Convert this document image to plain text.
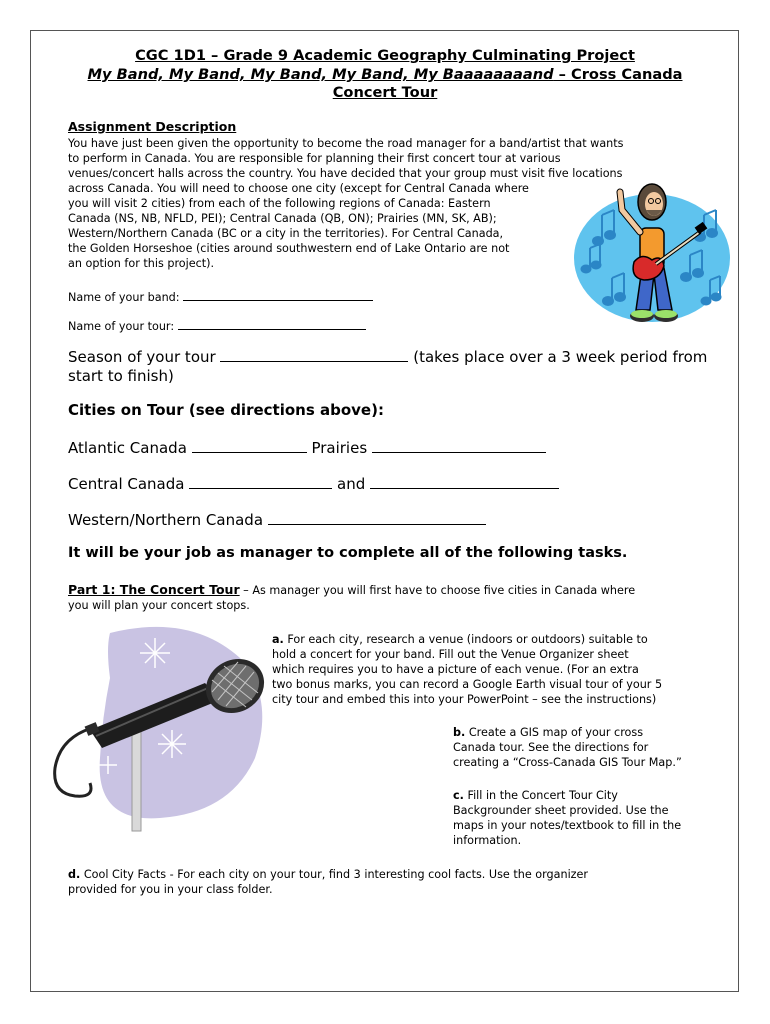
CGC 1D1 – Grade 9 Academic Geography Culminating Project
My Band, My Band, My Band, My Band, My Baaaaaaaand – Cross Canada
Concert Tour
Assignment Description
You have just been given the opportunity to become the road manager for a band/artist that wants
to perform in Canada. You are responsible for planning their first concert tour at various
venues/concert halls across the country. You have decided that your group must visit five locations
across Canada. You will need to choose one city (except for Central Canada where
you will visit 2 cities) from each of the following regions of Canada: Eastern
Canada (NS, NB, NFLD, PEI); Central Canada (QB, ON); Prairies (MN, SK, AB);
Western/Northern Canada (BC or a city in the territories). For Central Canada,
the Golden Horseshoe (cities around southwestern end of Lake Ontario are not
an option for this project).
Name of your band:
Name of your tour:
Season of your tour	(takes place over a 3 week period from
start to finish)
Cities on Tour (see directions above):
Atlantic Canada	Prairies
Central Canada	and
Western/Northern Canada
It will be your job as manager to complete all of the following tasks.
Part 1: The Concert Tour – As manager you will first have to choose five cities in Canada where
you will plan your concert stops.
a. For each city, research a venue (indoors or outdoors) suitable to
hold a concert for your band. Fill out the Venue Organizer sheet
which requires you to have a picture of each venue. (For an extra
two bonus marks, you can record a Google Earth visual tour of your 5
city tour and embed this into your PowerPoint – see the instructions)
b. Create a GIS map of your cross
Canada tour. See the directions for
creating a “Cross-Canada GIS Tour Map.”
c. Fill in the Concert Tour City
Backgrounder sheet provided. Use the
maps in your notes/textbook to fill in the
information.
d. Cool City Facts - For each city on your tour, find 3 interesting cool facts. Use the organizer
provided for you in your class folder.
